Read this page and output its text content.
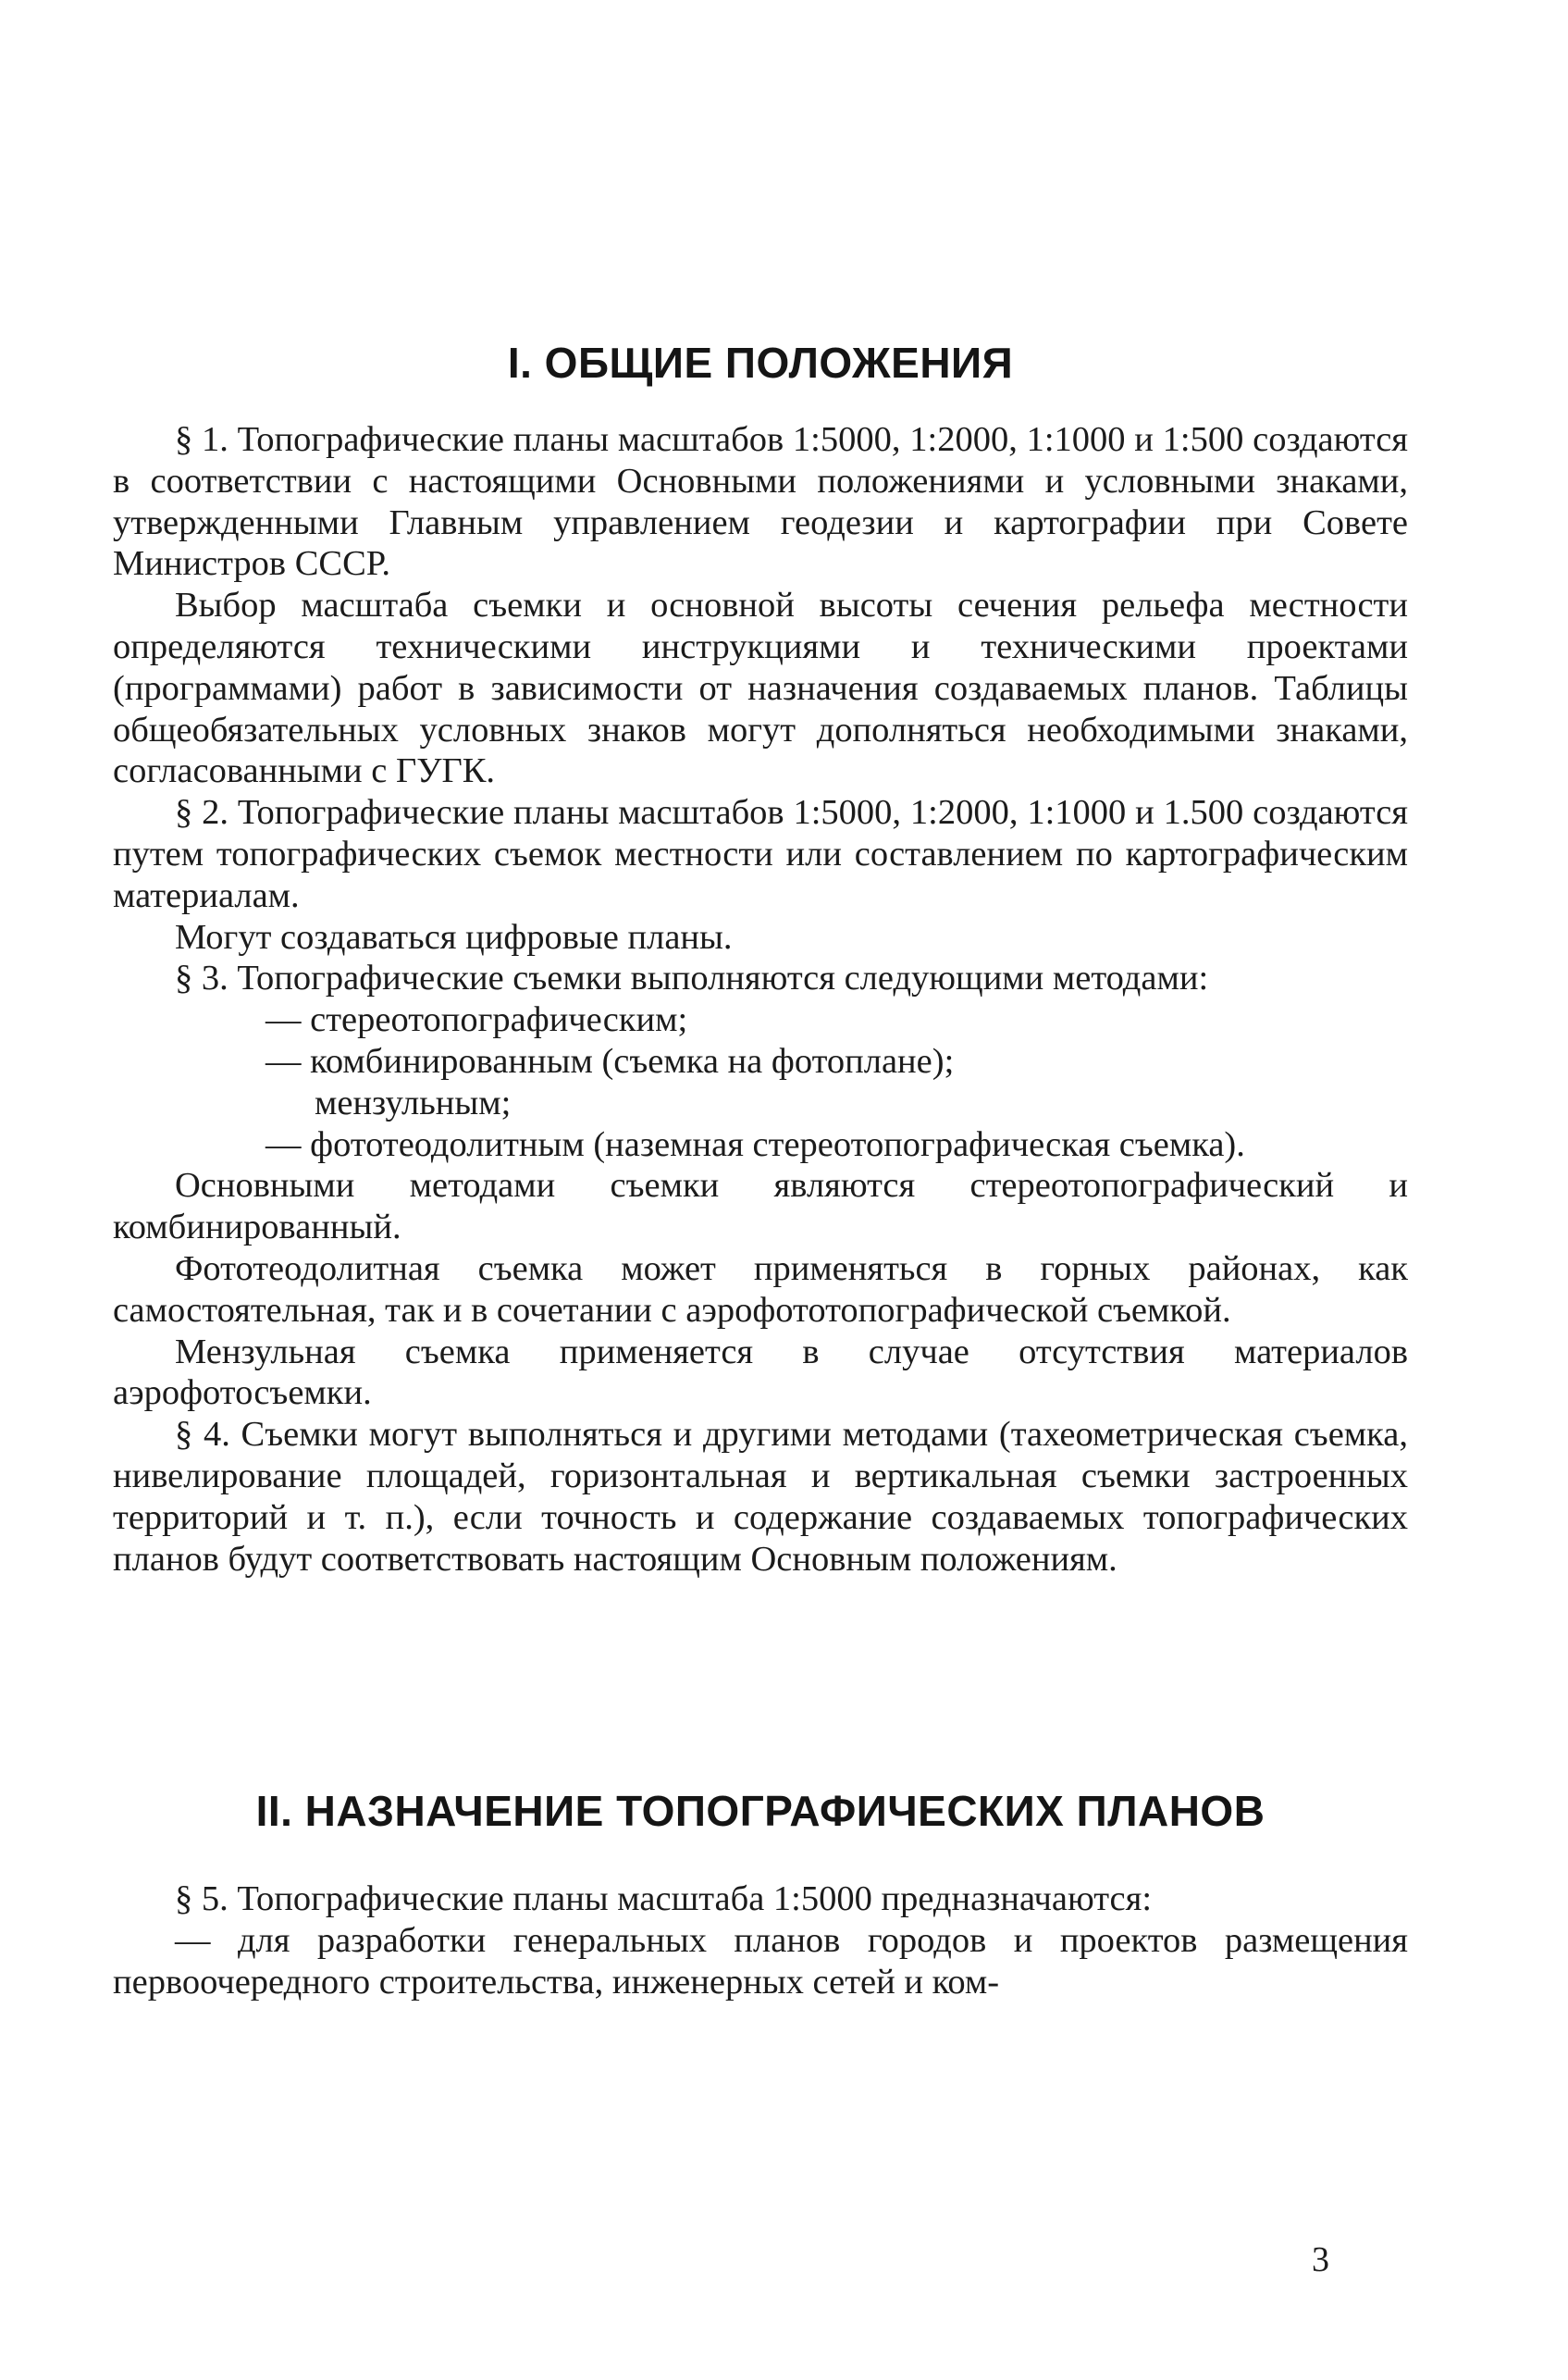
I. ОБЩИЕ ПОЛОЖЕНИЯ

§ 1. Топографические планы масштабов 1:5000, 1:2000, 1:1000 и 1:500 создаются в соответствии с настоящими Основными положениями и условными знаками, утвержденными Главным управлением геодезии и картографии при Совете Министров СССР.

Выбор масштаба съемки и основной высоты сечения рельефа местности определяются техническими инструкциями и техническими проектами (программами) работ в зависимости от назначения создаваемых планов. Таблицы общеобязательных условных знаков могут дополняться необходимыми знаками, согласованными с ГУГК.

§ 2. Топографические планы масштабов 1:5000, 1:2000, 1:1000 и 1.500 создаются путем топографических съемок местности или составлением по картографическим материалам.

Могут создаваться цифровые планы.

§ 3. Топографические съемки выполняются следующими методами:

— стереотопографическим;

— комбинированным (съемка на фотоплане);

мензульным;

— фототеодолитным (наземная стереотопографическая съемка).

Основными методами съемки являются стереотопографический и комбинированный.

Фототеодолитная съемка может применяться в горных районах, как самостоятельная, так и в сочетании с аэрофототопографической съемкой.

Мензульная съемка применяется в случае отсутствия материалов аэрофотосъемки.

§ 4. Съемки могут выполняться и другими методами (тахеометрическая съемка, нивелирование площадей, горизонтальная и вертикальная съемки застроенных территорий и т. п.), если точность и содержание создаваемых топографических планов будут соответствовать настоящим Основным положениям.

II. НАЗНАЧЕНИЕ ТОПОГРАФИЧЕСКИХ ПЛАНОВ

§ 5. Топографические планы масштаба 1:5000 предназначаются:

— для разработки генеральных планов городов и проектов размещения первоочередного строительства, инженерных сетей и ком-

3
